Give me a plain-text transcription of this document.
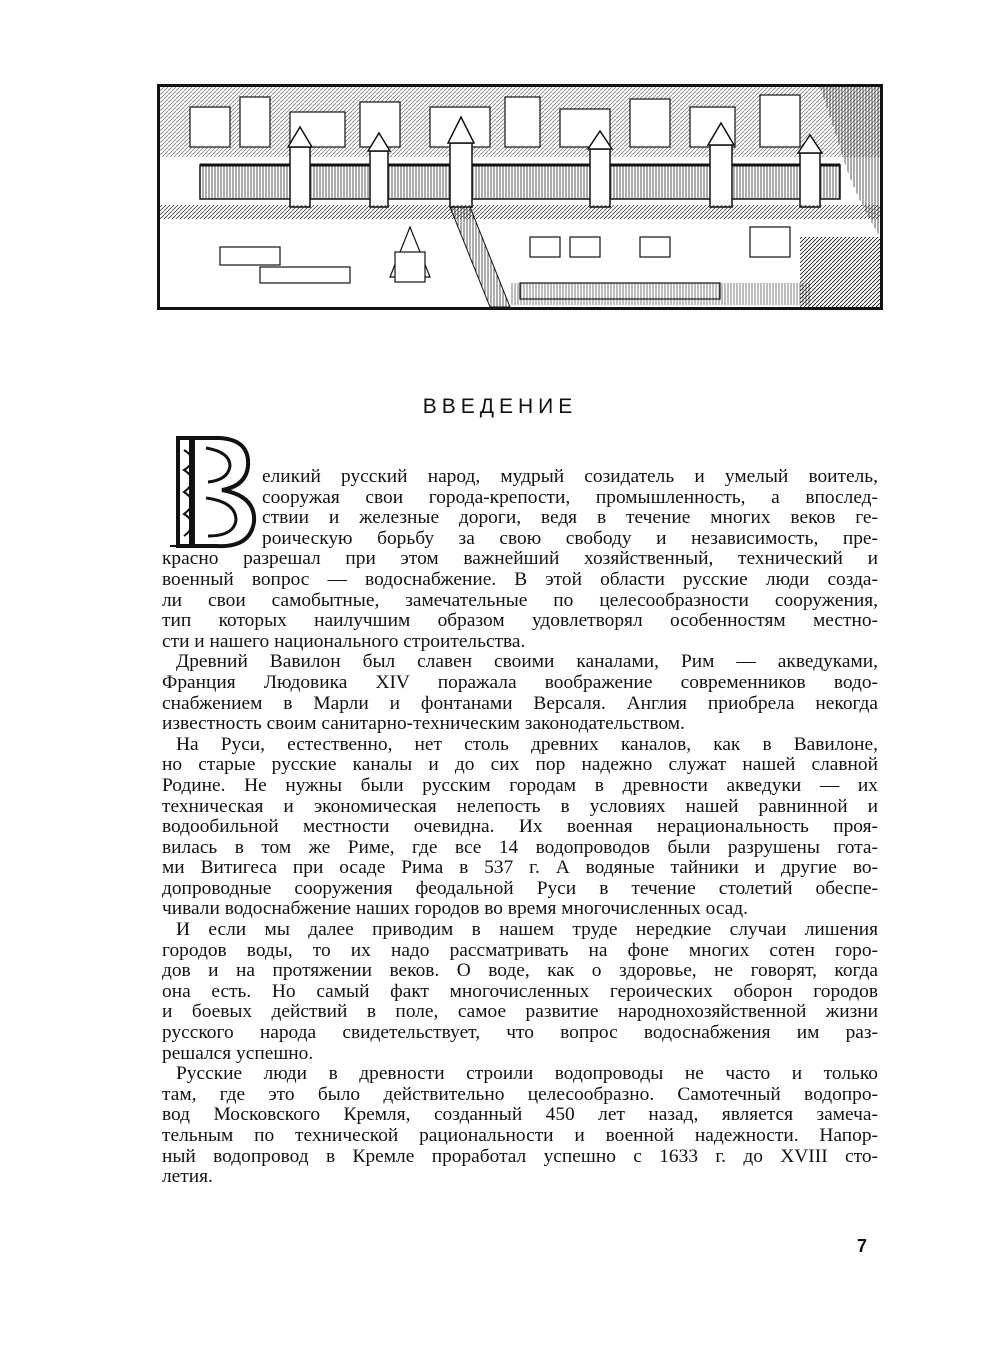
ВВЕДЕНИЕ
еликий русский народ, мудрый созидатель и умелый воитель,
сооружая свои города-крепости, промышленность, а впослед-
ствии и железные дороги, ведя в течение многих веков ге-
роическую борьбу за свою свободу и независимость, пре-
красно разрешал при этом важнейший хозяйственный, технический и
военный вопрос — водоснабжение. В этой области русские люди созда-
ли свои самобытные, замечательные по целесообразности сооружения,
тип которых наилучшим образом удовлетворял особенностям местно-
сти и нашего национального строительства.
Древний Вавилон был славен своими каналами, Рим — акведуками,
Франция Людовика XIV поражала воображение современников водо-
снабжением в Марли и фонтанами Версаля. Англия приобрела некогда
известность своим санитарно-техническим законодательством.
На Руси, естественно, нет столь древних каналов, как в Вавилоне,
но старые русские каналы и до сих пор надежно служат нашей славной
Родине. Не нужны были русским городам в древности акведуки — их
техническая и экономическая нелепость в условиях нашей равнинной и
водообильной местности очевидна. Их военная нерациональность проя-
вилась в том же Риме, где все 14 водопроводов были разрушены гота-
ми Витигеса при осаде Рима в 537 г. А водяные тайники и другие во-
допроводные сооружения феодальной Руси в течение столетий обеспе-
чивали водоснабжение наших городов во время многочисленных осад.
И если мы далее приводим в нашем труде нередкие случаи лишения
городов воды, то их надо рассматривать на фоне многих сотен горо-
дов и на протяжении веков. О воде, как о здоровье, не говорят, когда
она есть. Но самый факт многочисленных героических оборон городов
и боевых действий в поле, самое развитие народнохозяйственной жизни
русского народа свидетельствует, что вопрос водоснабжения им раз-
решался успешно.
Русские люди в древности строили водопроводы не часто и только
там, где это было действительно целесообразно. Самотечный водопро-
вод Московского Кремля, созданный 450 лет назад, является замеча-
тельным по технической рациональности и военной надежности. Напор-
ный водопровод в Кремле проработал успешно с 1633 г. до XVIII сто-
летия.
7
